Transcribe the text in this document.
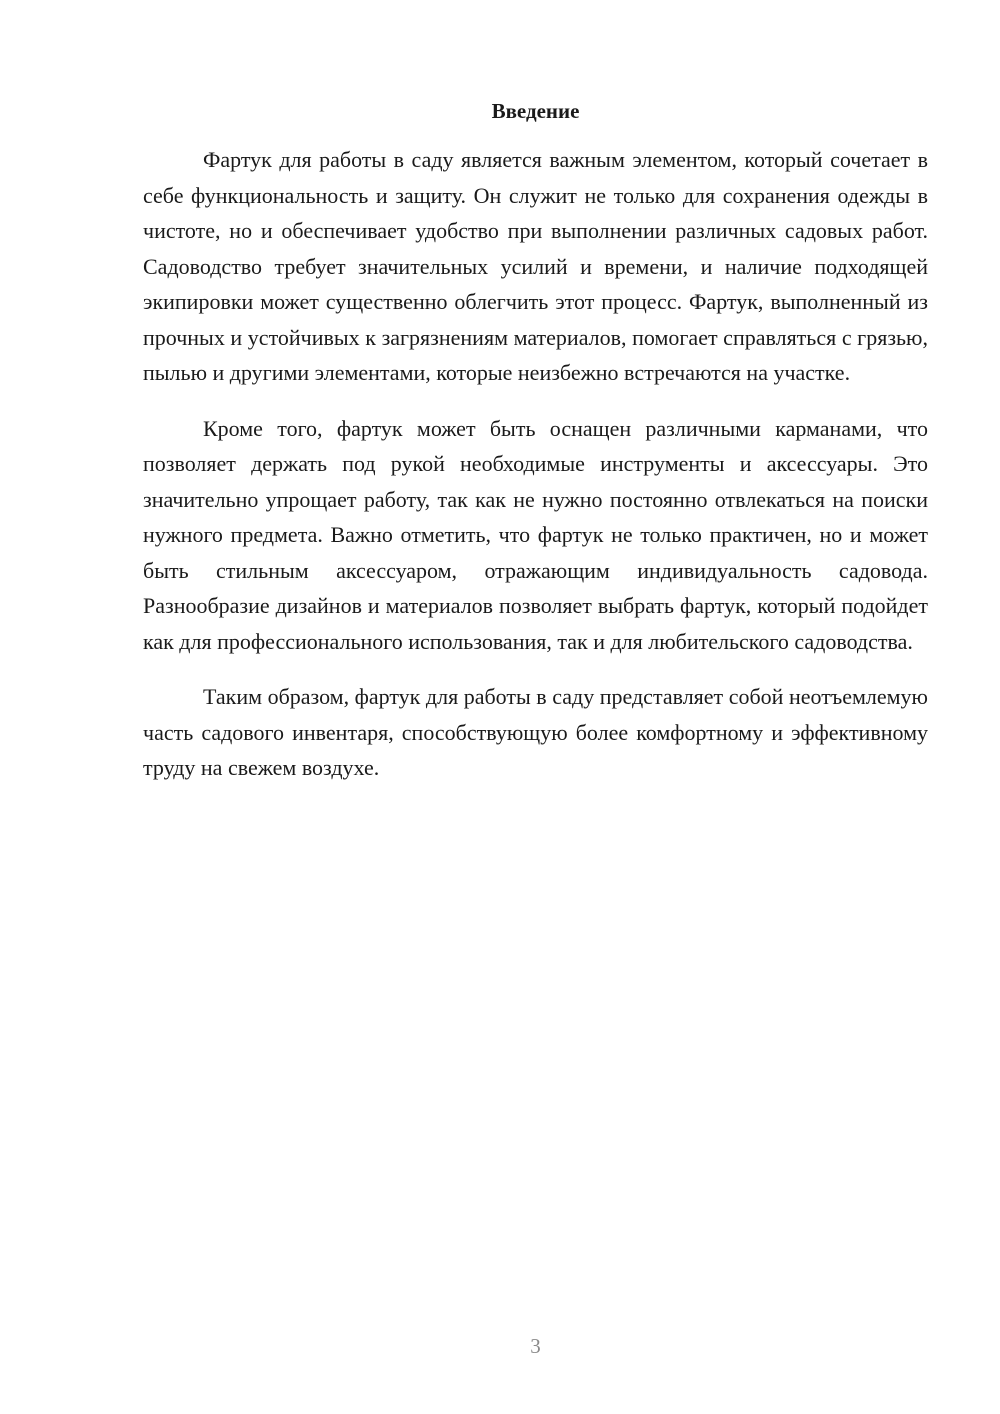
Введение

Фартук для работы в саду является важным элементом, который сочетает в себе функциональность и защиту. Он служит не только для сохранения одежды в чистоте, но и обеспечивает удобство при выполнении различных садовых работ. Садоводство требует значительных усилий и времени, и наличие подходящей экипировки может существенно облегчить этот процесс. Фартук, выполненный из прочных и устойчивых к загрязнениям материалов, помогает справляться с грязью, пылью и другими элементами, которые неизбежно встречаются на участке.

Кроме того, фартук может быть оснащен различными карманами, что позволяет держать под рукой необходимые инструменты и аксессуары. Это значительно упрощает работу, так как не нужно постоянно отвлекаться на поиски нужного предмета. Важно отметить, что фартук не только практичен, но и может быть стильным аксессуаром, отражающим индивидуальность садовода. Разнообразие дизайнов и материалов позволяет выбрать фартук, который подойдет как для профессионального использования, так и для любительского садоводства.

Таким образом, фартук для работы в саду представляет собой неотъемлемую часть садового инвентаря, способствующую более комфортному и эффективному труду на свежем воздухе.

3
